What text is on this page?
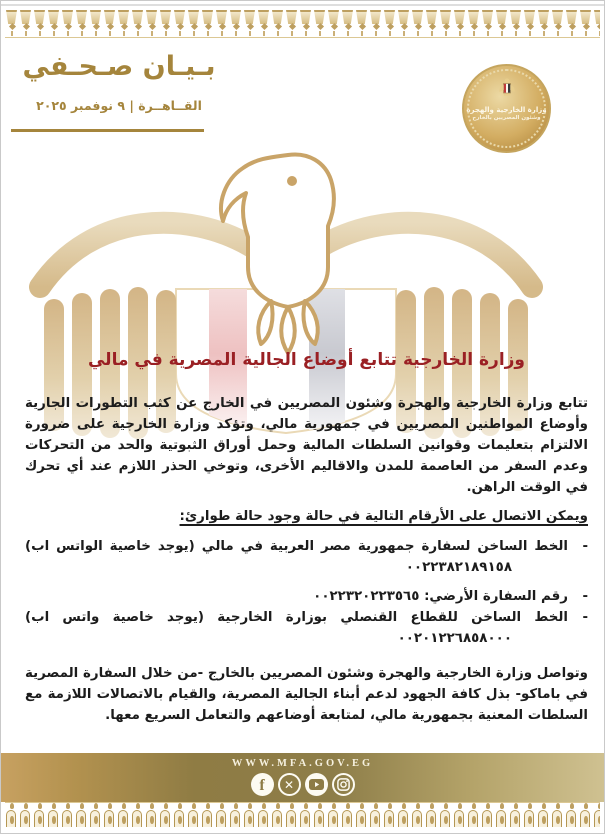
بـيـان صـحـفي
القــاهــرة | ٩ نوفمبر ٢٠٢٥	وزارة الخارجية والهجرة
وشئون المصريين بالخارج
وزارة الخارجية تتابع أوضاع الجالية المصرية في مالي

تتابع وزارة الخارجية والهجرة وشئون المصريين في الخارج عن كثب التطورات الجارية وأوضاع المواطنين المصريين في جمهورية مالي، وتؤكد وزارة الخارجية على ضرورة الالتزام بتعليمات وقوانين السلطات المالية وحمل أوراق الثبوتية والحد من التحركات وعدم السفر من العاصمة للمدن والاقاليم الأخرى، وتوخي الحذر اللازم عند أي تحرك في الوقت الراهن.

ويمكن الاتصال على الأرقام التالية في حالة وجود حالة طوارئ:

-
الخط الساخن لسفارة جمهورية مصر العربية في مالي (يوجد خاصية الواتس اب)
٠٠٢٢٣٨٢١٨٩١٥٨
-
رقم السفارة الأرضي: ٠٠٢٢٣٢٠٢٢٣٥٦٥
-
الخط الساخن للقطاع القنصلي بوزارة الخارجية (يوجد خاصية واتس اب)
٠٠٢٠١٢٢٦٨٥٨٠٠٠

وتواصل وزارة الخارجية والهجرة وشئون المصريين بالخارج -من خلال السفارة المصرية في باماكو- بذل كافة الجهود لدعم أبناء الجالية المصرية، والقيام بالاتصالات اللازمة مع السلطات المعنية بجمهورية مالي، لمتابعة أوضاعهم والتعامل السريع معها.

WWW.MFA.GOV.EG
f ✕
